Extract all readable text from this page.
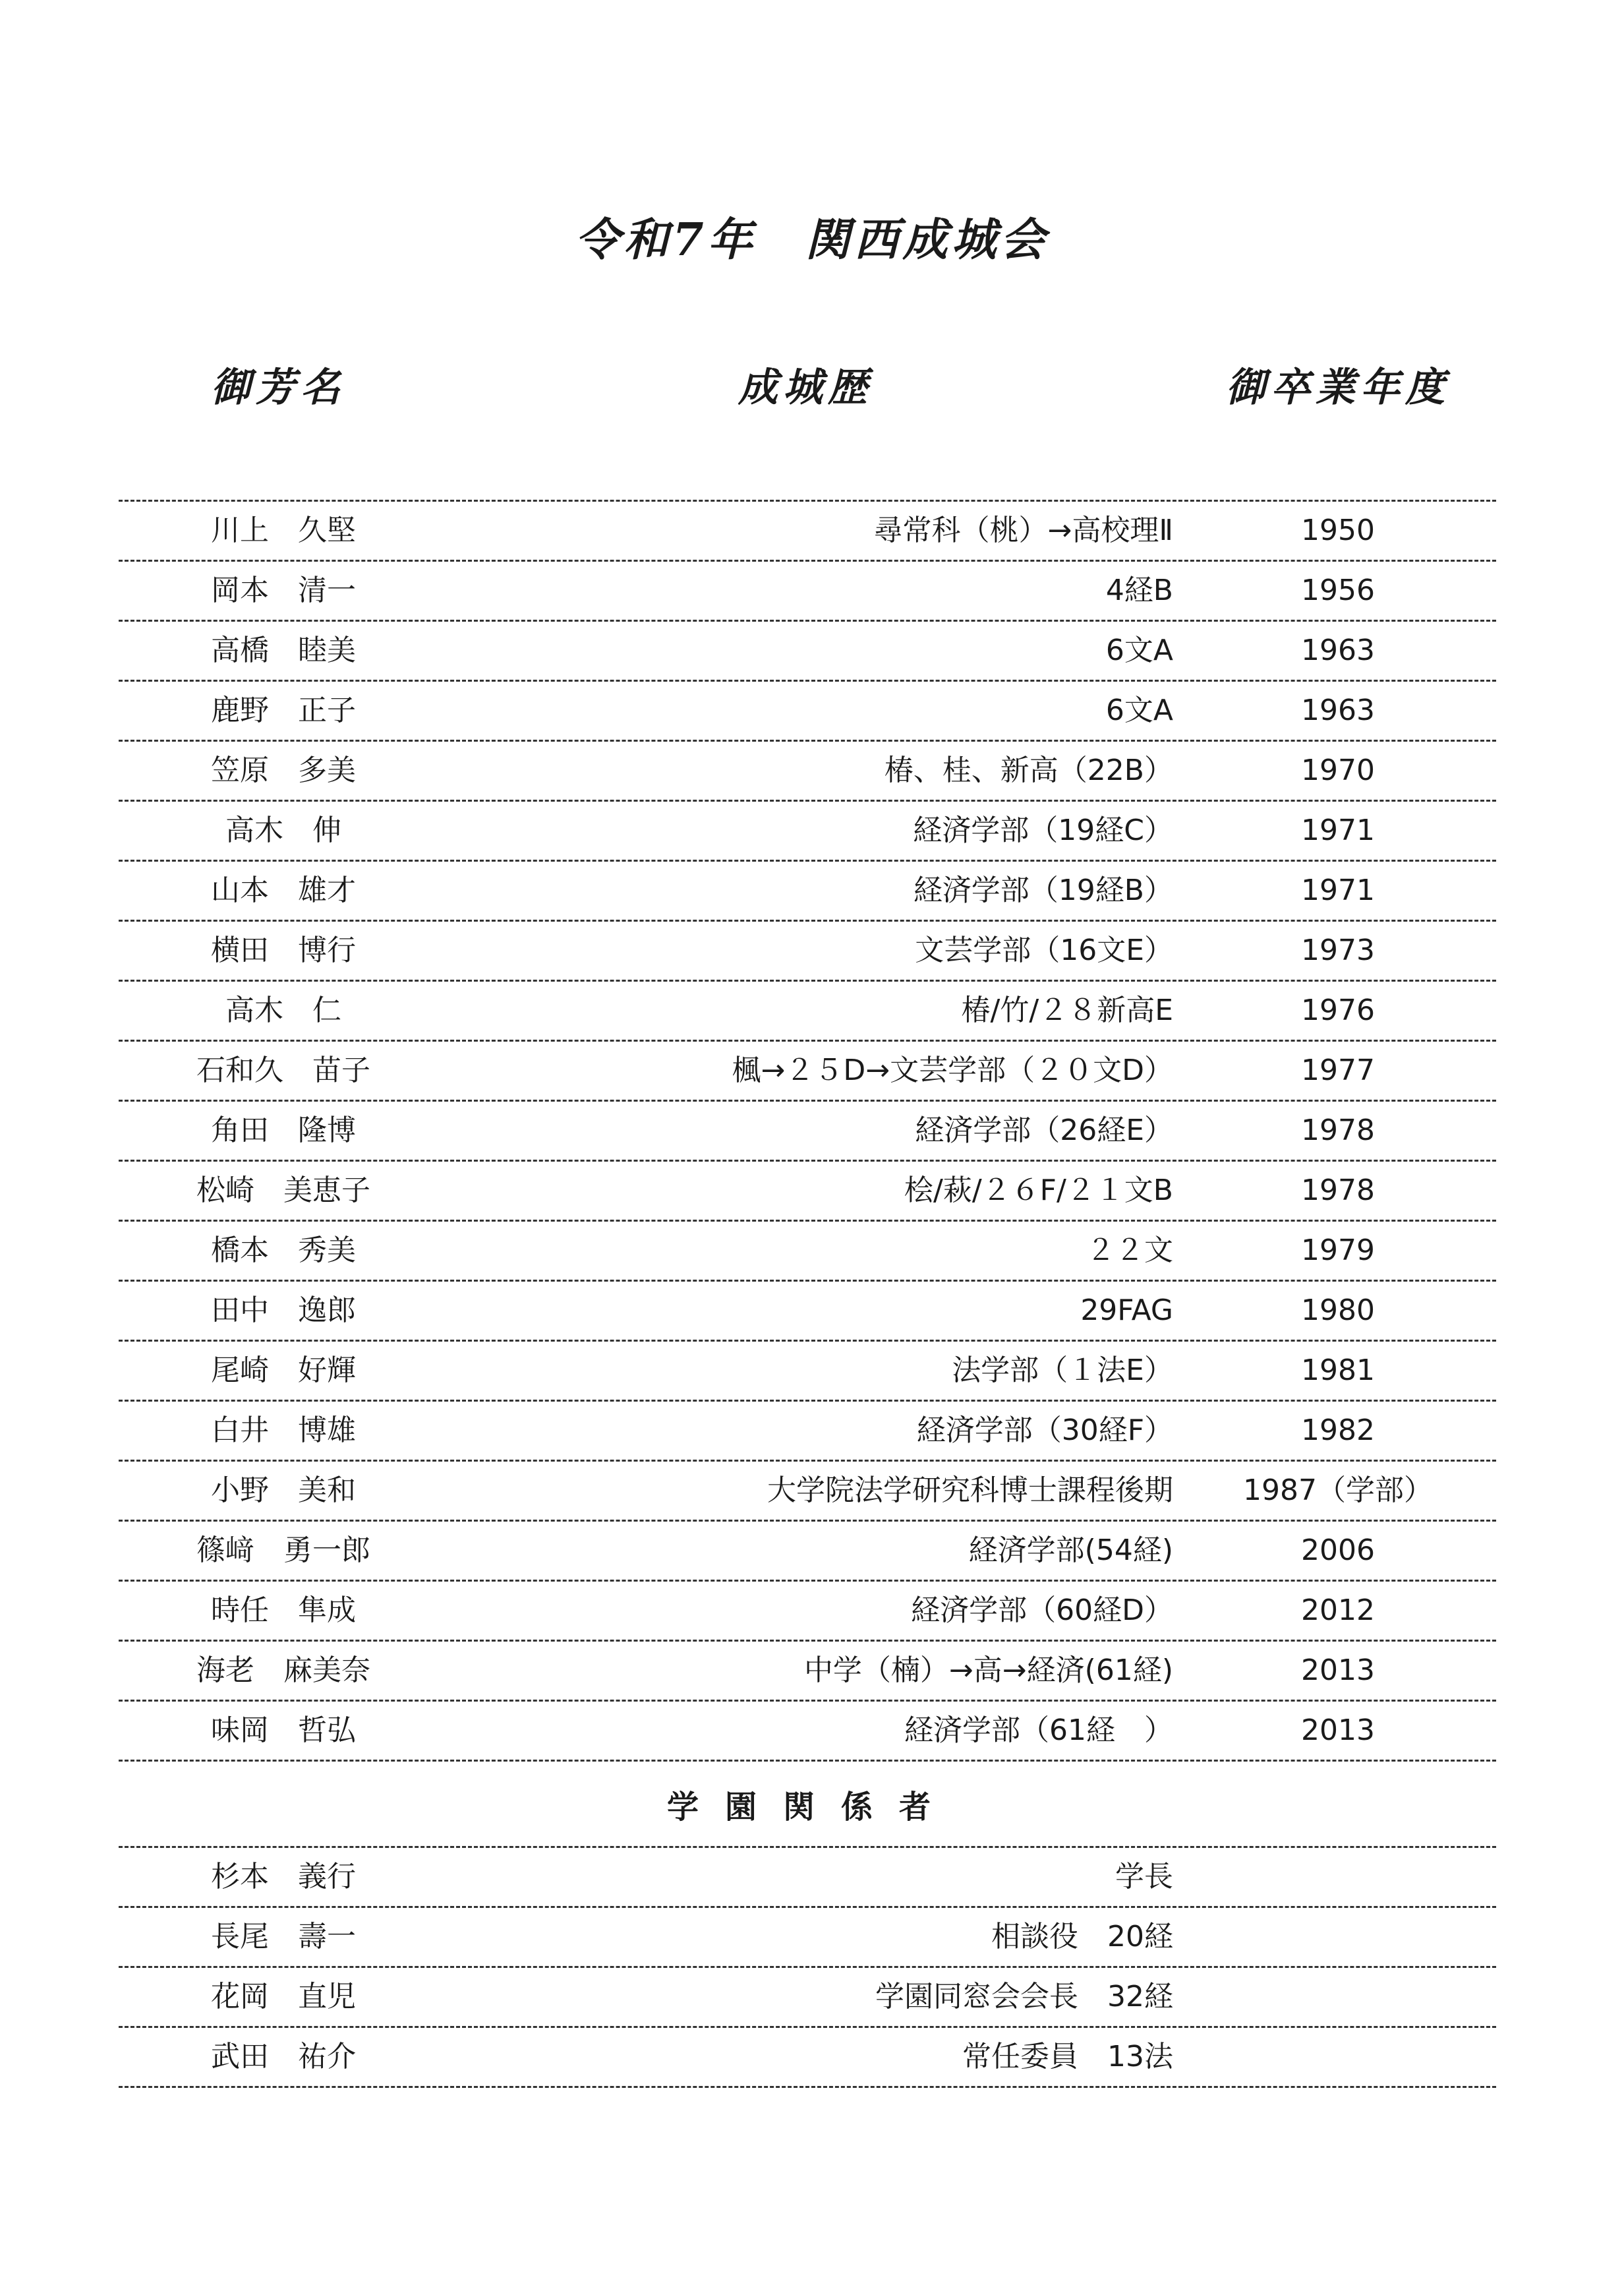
令和7年　関西成城会
御芳名	成城歴	御卒業年度
川上　久堅	尋常科（桃）→高校理Ⅱ	1950
岡本　清一	4経B	1956
高橋　睦美	6文A	1963
鹿野　正子	6文A	1963
笠原　多美	椿、桂、新高（22B）	1970
高木　伸	経済学部（19経C）	1971
山本　雄才	経済学部（19経B）	1971
横田　博行	文芸学部（16文E）	1973
高木　仁	椿/竹/２８新高E	1976
石和久　苗子	楓→２５D→文芸学部（２０文D）	1977
角田　隆博	経済学部（26経E）	1978
松崎　美恵子	桧/萩/２６F/２１文B	1978
橋本　秀美	２２文	1979
田中　逸郎	29FAG	1980
尾崎　好輝	法学部（１法E）	1981
白井　博雄	経済学部（30経F）	1982
小野　美和	大学院法学研究科博士課程後期	1987（学部）
篠﨑　勇一郎	経済学部(54経)	2006
時任　隼成	経済学部（60経D）	2012
海老　麻美奈	中学（楠）→高→経済(61経)	2013
味岡　哲弘	経済学部（61経　）	2013
学園関係者
杉本　義行	学長
長尾　壽一	相談役　20経
花岡　直児	学園同窓会会長　32経
武田　祐介	常任委員　13法
